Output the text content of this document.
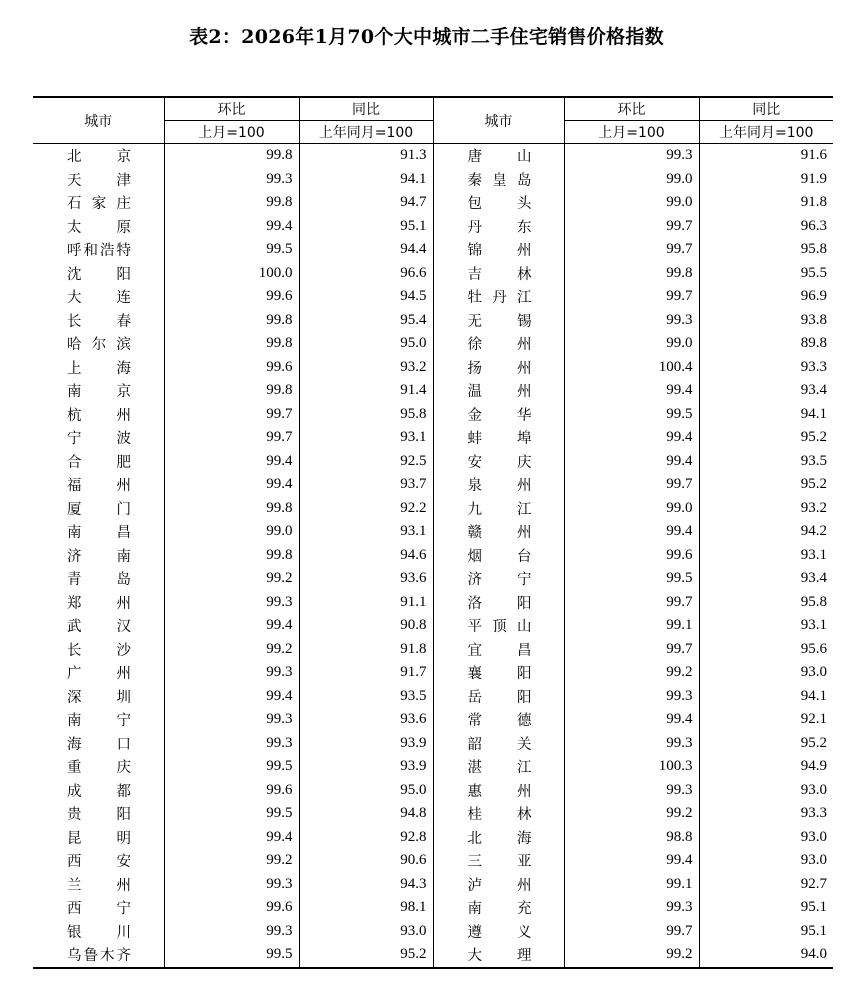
表2：2026年1月70个大中城市二手住宅销售价格指数
城市	环比	同比	城市	环比	同比
	上月=100	上年同月=100		上月=100	上年同月=100

北 京	99.8	91.3	唐 山	99.3	91.6

天 津	99.3	94.1	秦 皇 岛	99.0	91.9

石 家 庄	99.8	94.7	包 头	99.0	91.8

太 原	99.4	95.1	丹 东	99.7	96.3

呼和浩特	99.5	94.4	锦 州	99.7	95.8

沈 阳	100.0	96.6	吉 林	99.8	95.5

大 连	99.6	94.5	牡 丹 江	99.7	96.9

长 春	99.8	95.4	无 锡	99.3	93.8

哈 尔 滨	99.8	95.0	徐 州	99.0	89.8

上 海	99.6	93.2	扬 州	100.4	93.3

南 京	99.8	91.4	温 州	99.4	93.4

杭 州	99.7	95.8	金 华	99.5	94.1

宁 波	99.7	93.1	蚌 埠	99.4	95.2

合 肥	99.4	92.5	安 庆	99.4	93.5

福 州	99.4	93.7	泉 州	99.7	95.2

厦 门	99.8	92.2	九 江	99.0	93.2

南 昌	99.0	93.1	赣 州	99.4	94.2

济 南	99.8	94.6	烟 台	99.6	93.1

青 岛	99.2	93.6	济 宁	99.5	93.4

郑 州	99.3	91.1	洛 阳	99.7	95.8

武 汉	99.4	90.8	平 顶 山	99.1	93.1

长 沙	99.2	91.8	宜 昌	99.7	95.6

广 州	99.3	91.7	襄 阳	99.2	93.0

深 圳	99.4	93.5	岳 阳	99.3	94.1

南 宁	99.3	93.6	常 德	99.4	92.1

海 口	99.3	93.9	韶 关	99.3	95.2

重 庆	99.5	93.9	湛 江	100.3	94.9

成 都	99.6	95.0	惠 州	99.3	93.0

贵 阳	99.5	94.8	桂 林	99.2	93.3

昆 明	99.4	92.8	北 海	98.8	93.0

西 安	99.2	90.6	三 亚	99.4	93.0

兰 州	99.3	94.3	泸 州	99.1	92.7

西 宁	99.6	98.1	南 充	99.3	95.1

银 川	99.3	93.0	遵 义	99.7	95.1

乌鲁木齐	99.5	95.2	大 理	99.2	94.0
